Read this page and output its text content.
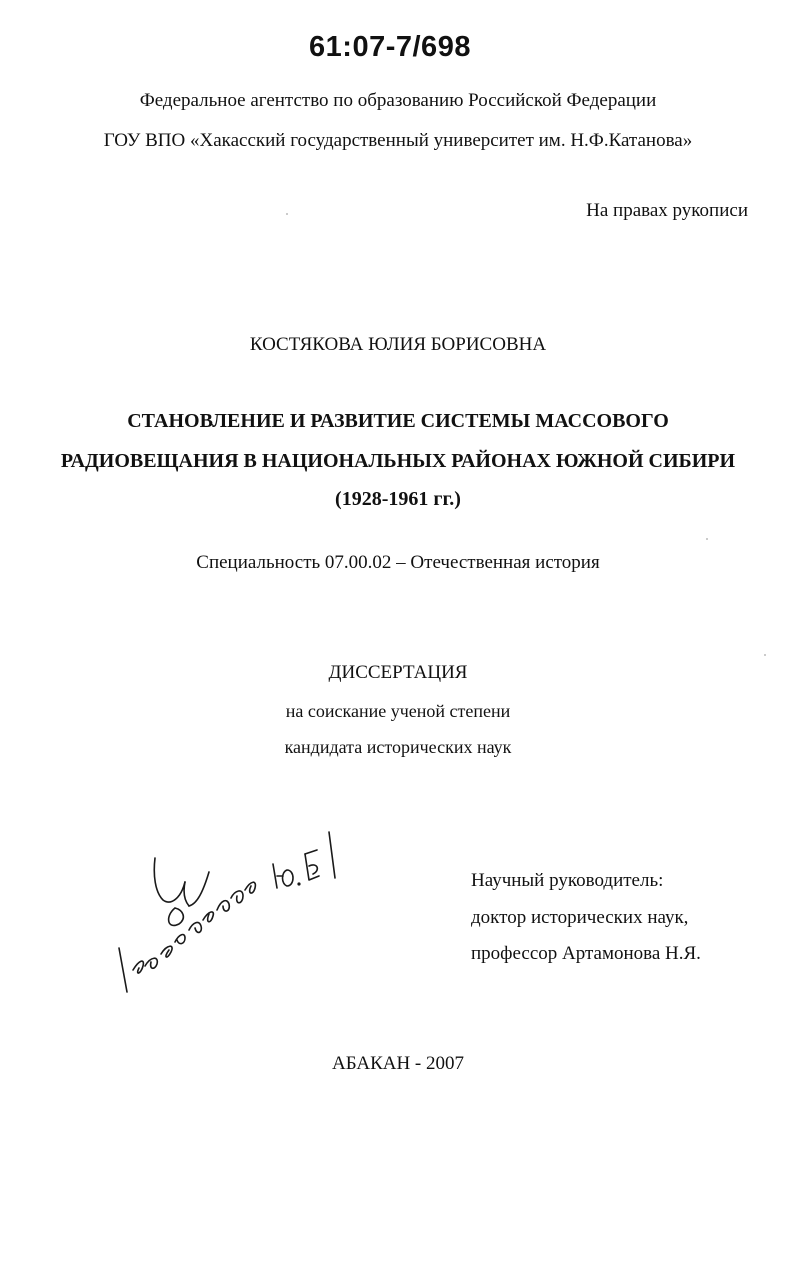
61:07-7/698
Федеральное агентство по образованию Российской Федерации
ГОУ ВПО «Хакасский государственный университет им. Н.Ф.Катанова»
На правах рукописи
КОСТЯКОВА ЮЛИЯ БОРИСОВНА
СТАНОВЛЕНИЕ И РАЗВИТИЕ СИСТЕМЫ МАССОВОГО
РАДИОВЕЩАНИЯ В НАЦИОНАЛЬНЫХ РАЙОНАХ ЮЖНОЙ СИБИРИ
(1928-1961 гг.)
Специальность 07.00.02 – Отечественная история
ДИССЕРТАЦИЯ
на соискание ученой степени
кандидата исторических наук
Научный руководитель:
доктор исторических наук,
профессор Артамонова Н.Я.
АБАКАН - 2007
